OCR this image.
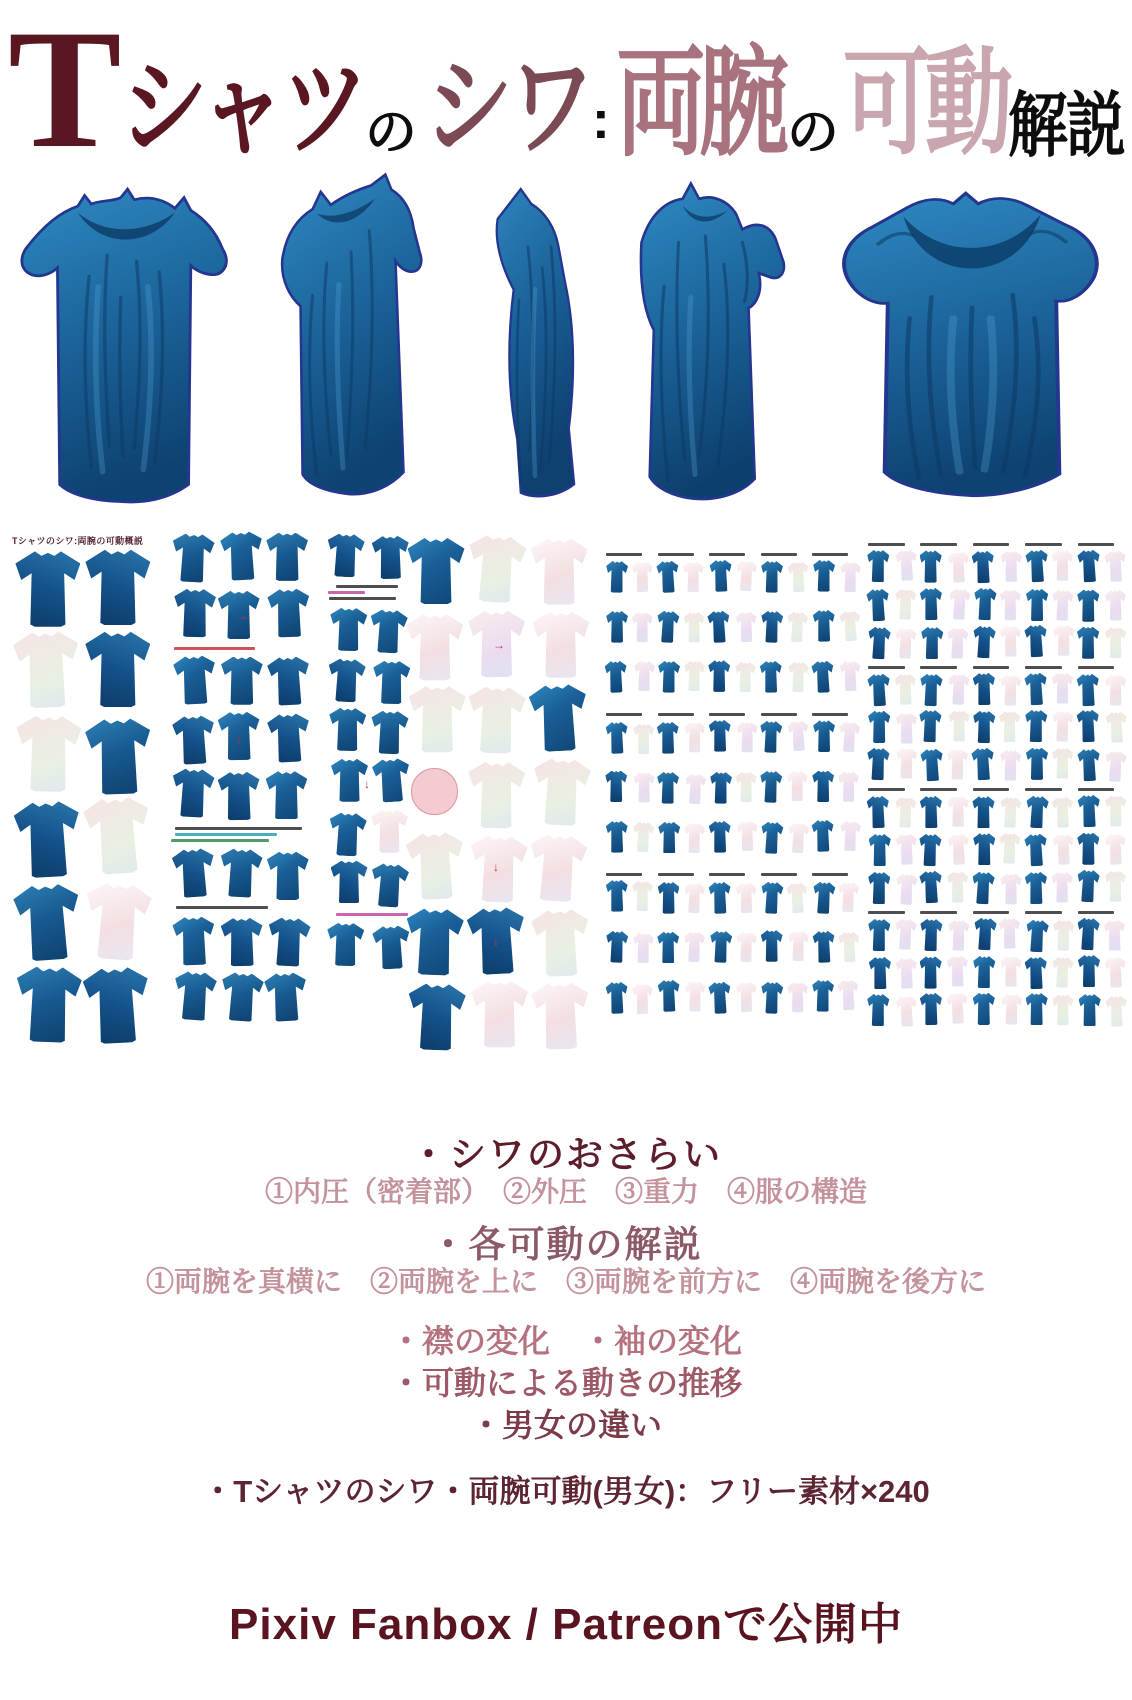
T
シャツ の シワ
: 両腕 の 可動 解説
Tシャツのシワ:両腕の可動概説
→
↓
↓
→
↓
↓
・シワのおさらい
①内圧（密着部）　②外圧　③重力　④服の構造
・各可動の解説
①両腕を真横に　②両腕を上に　③両腕を前方に　④両腕を後方に
・襟の変化　・袖の変化
・可動による動きの推移
・男女の違い
・Tシャツのシワ・両腕可動(男女)：フリー素材×240
Pixiv Fanbox / Patreonで公開中
